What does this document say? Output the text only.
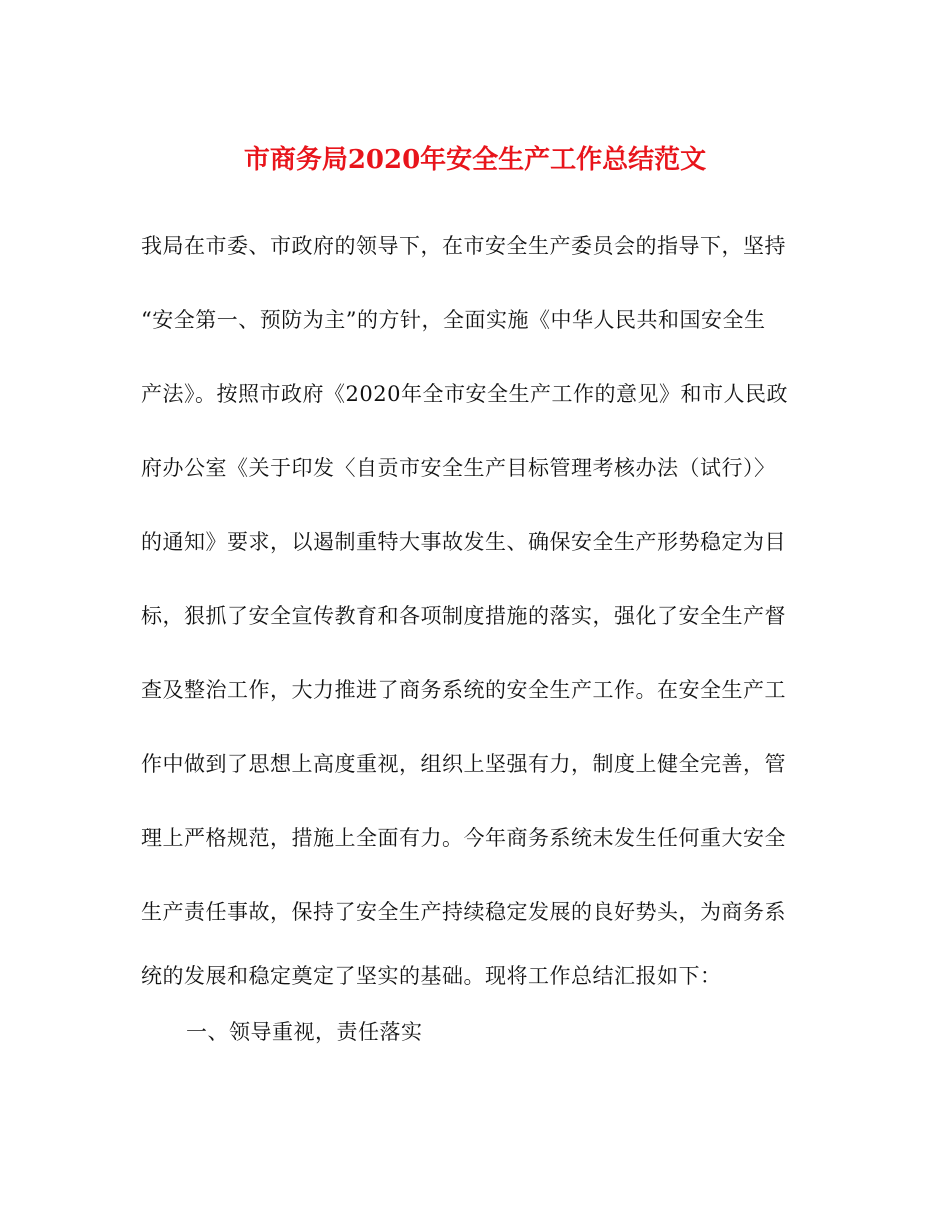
市商务局2020年安全生产工作总结范文
我局在市委、市政府的领导下，在市安全生产委员会的指导下，坚持
“安全第一、预防为主”的方针，全面实施《中华人民共和国安全生
产法》。按照市政府《2020年全市安全生产工作的意见》和市人民政
府办公室《关于印发〈自贡市安全生产目标管理考核办法（试行）〉
的通知》要求，以遏制重特大事故发生、确保安全生产形势稳定为目
标，狠抓了安全宣传教育和各项制度措施的落实，强化了安全生产督
查及整治工作，大力推进了商务系统的安全生产工作。在安全生产工
作中做到了思想上高度重视，组织上坚强有力，制度上健全完善，管
理上严格规范，措施上全面有力。今年商务系统未发生任何重大安全
生产责任事故，保持了安全生产持续稳定发展的良好势头，为商务系
统的发展和稳定奠定了坚实的基础。现将工作总结汇报如下：
一、领导重视，责任落实
